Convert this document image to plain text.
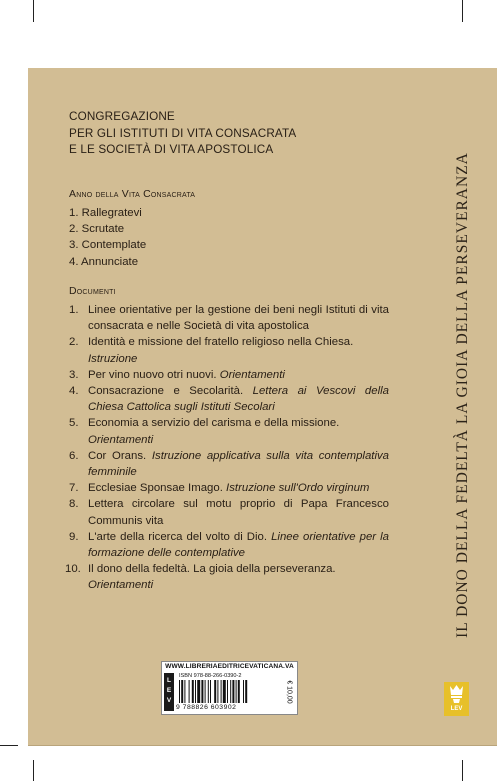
CONGREGAZIONE
PER GLI ISTITUTI DI VITA CONSACRATA
E LE SOCIETÀ DI VITA APOSTOLICA
Anno della Vita Consacrata
1. Rallegratevi
2. Scrutate
3. Contemplate
4. Annunciate
Documenti
1. Linee orientative per la gestione dei beni negli Istituti di vita consacrata e nelle Società di vita apostolica
2. Identità e missione del fratello religioso nella Chiesa.
Istruzione
3. Per vino nuovo otri nuovi. Orientamenti
4. Consacrazione e Secolarità. Lettera ai Vescovi della Chiesa Cattolica sugli Istituti Secolari
5. Economia a servizio del carisma e della missione.
Orientamenti
6. Cor Orans. Istruzione applicativa sulla vita contemplativa femminile
7. Ecclesiae Sponsae Imago. Istruzione sull'Ordo virginum
8. Lettera circolare sul motu proprio di Papa Francesco Communis vita
9. L'arte della ricerca del volto di Dio. Linee orientative per la formazione delle contemplative
10. Il dono della fedeltà. La gioia della perseveranza.
Orientamenti	IL DONO DELLA FEDELTÀ LA GIOIA DELLA PERSEVERANZA
WWW.LIBRERIAEDITRICEVATICANA.VA
LEV
ISBN 978-88-266-0390-2
9 788826 603902
€ 10,00
LEV
